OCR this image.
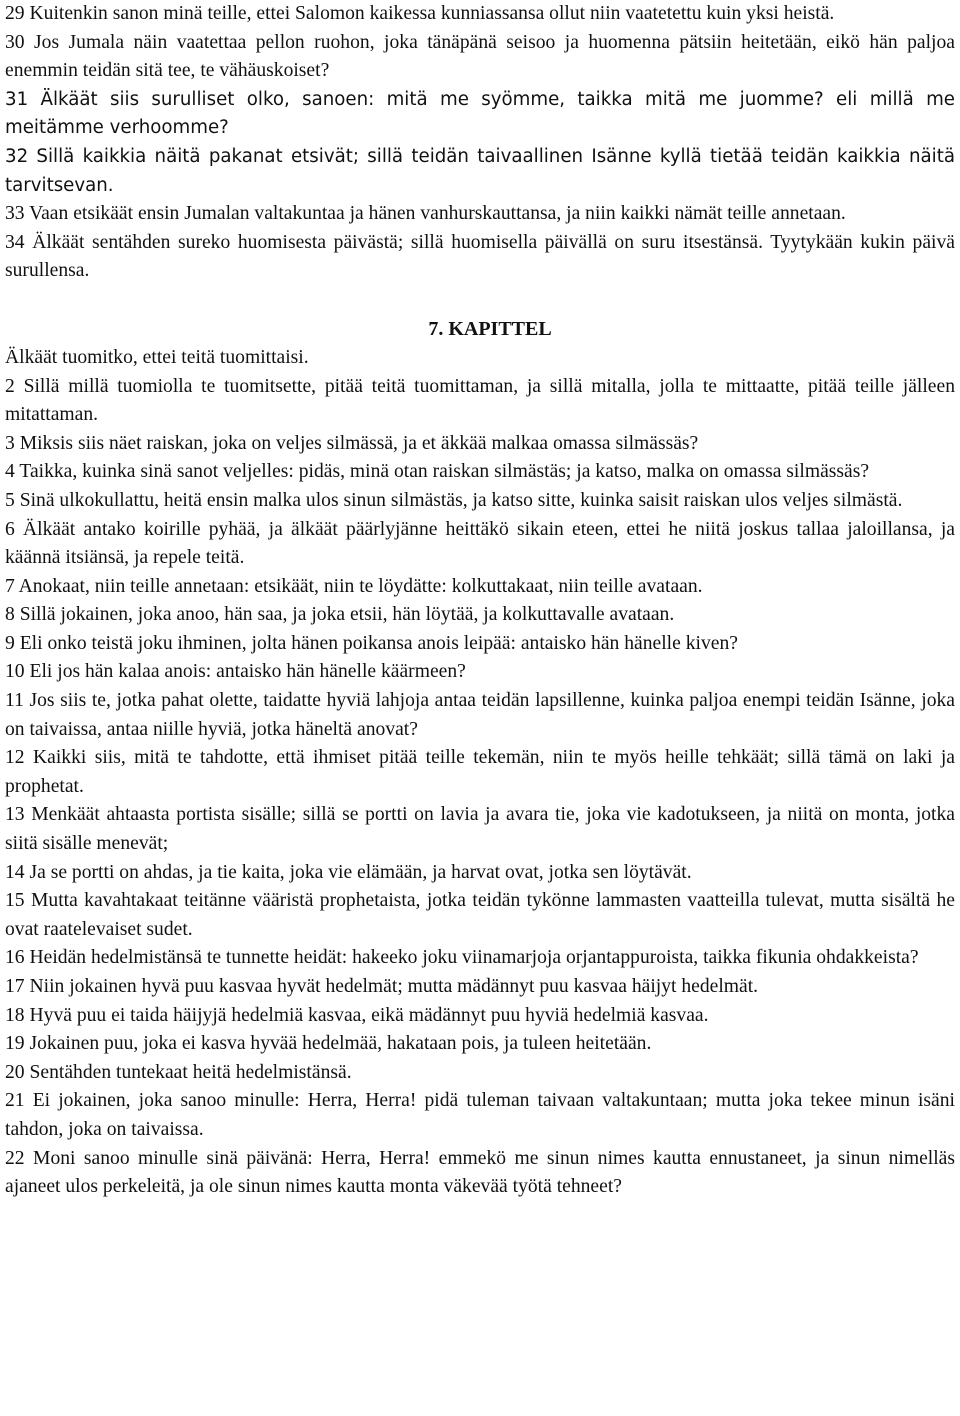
29 Kuitenkin sanon minä teille, ettei Salomon kaikessa kunniassansa ollut niin vaatetettu kuin yksi heistä.

30 Jos Jumala näin vaatettaa pellon ruohon, joka tänäpänä seisoo ja huomenna pätsiin heitetään, eikö hän paljoa enemmin teidän sitä tee, te vähäuskoiset?

31 Älkäät siis surulliset olko, sanoen: mitä me syömme, taikka mitä me juomme? eli millä me meitämme verhoomme?

32 Sillä kaikkia näitä pakanat etsivät; sillä teidän taivaallinen Isänne kyllä tietää teidän kaikkia näitä tarvitsevan.

33 Vaan etsikäät ensin Jumalan valtakuntaa ja hänen vanhurskauttansa, ja niin kaikki nämät teille annetaan.

34 Älkäät sentähden sureko huomisesta päivästä; sillä huomisella päivällä on suru itsestänsä. Tyytykään kukin päivä surullensa.

7. KAPITTEL

Älkäät tuomitko, ettei teitä tuomittaisi.

2 Sillä millä tuomiolla te tuomitsette, pitää teitä tuomittaman, ja sillä mitalla, jolla te mittaatte, pitää teille jälleen mitattaman.

3 Miksis siis näet raiskan, joka on veljes silmässä, ja et äkkää malkaa omassa silmässäs?

4 Taikka, kuinka sinä sanot veljelles: pidäs, minä otan raiskan silmästäs; ja katso, malka on omassa silmässäs?

5 Sinä ulkokullattu, heitä ensin malka ulos sinun silmästäs, ja katso sitte, kuinka saisit raiskan ulos veljes silmästä.

6 Älkäät antako koirille pyhää, ja älkäät päärlyjänne heittäkö sikain eteen, ettei he niitä joskus tallaa jaloillansa, ja käännä itsiänsä, ja repele teitä.

7 Anokaat, niin teille annetaan: etsikäät, niin te löydätte: kolkuttakaat, niin teille avataan.

8 Sillä jokainen, joka anoo, hän saa, ja joka etsii, hän löytää, ja kolkuttavalle avataan.

9 Eli onko teistä joku ihminen, jolta hänen poikansa anois leipää: antaisko hän hänelle kiven?

10 Eli jos hän kalaa anois: antaisko hän hänelle käärmeen?

11 Jos siis te, jotka pahat olette, taidatte hyviä lahjoja antaa teidän lapsillenne, kuinka paljoa enempi teidän Isänne, joka on taivaissa, antaa niille hyviä, jotka häneltä anovat?

12 Kaikki siis, mitä te tahdotte, että ihmiset pitää teille tekemän, niin te myös heille tehkäät; sillä tämä on laki ja prophetat.

13 Menkäät ahtaasta portista sisälle; sillä se portti on lavia ja avara tie, joka vie kadotukseen, ja niitä on monta, jotka siitä sisälle menevät;

14 Ja se portti on ahdas, ja tie kaita, joka vie elämään, ja harvat ovat, jotka sen löytävät.

15 Mutta kavahtakaat teitänne vääristä prophetaista, jotka teidän tykönne lammasten vaatteilla tulevat, mutta sisältä he ovat raatelevaiset sudet.

16 Heidän hedelmistänsä te tunnette heidät: hakeeko joku viinamarjoja orjantappuroista, taikka fikunia ohdakkeista?

17 Niin jokainen hyvä puu kasvaa hyvät hedelmät; mutta mädännyt puu kasvaa häijyt hedelmät.

18 Hyvä puu ei taida häijyjä hedelmiä kasvaa, eikä mädännyt puu hyviä hedelmiä kasvaa.

19 Jokainen puu, joka ei kasva hyvää hedelmää, hakataan pois, ja tuleen heitetään.

20 Sentähden tuntekaat heitä hedelmistänsä.

21 Ei jokainen, joka sanoo minulle: Herra, Herra! pidä tuleman taivaan valtakuntaan; mutta joka tekee minun isäni tahdon, joka on taivaissa.

22 Moni sanoo minulle sinä päivänä: Herra, Herra! emmekö me sinun nimes kautta ennustaneet, ja sinun nimelläs ajaneet ulos perkeleitä, ja ole sinun nimes kautta monta väkevää työtä tehneet?
